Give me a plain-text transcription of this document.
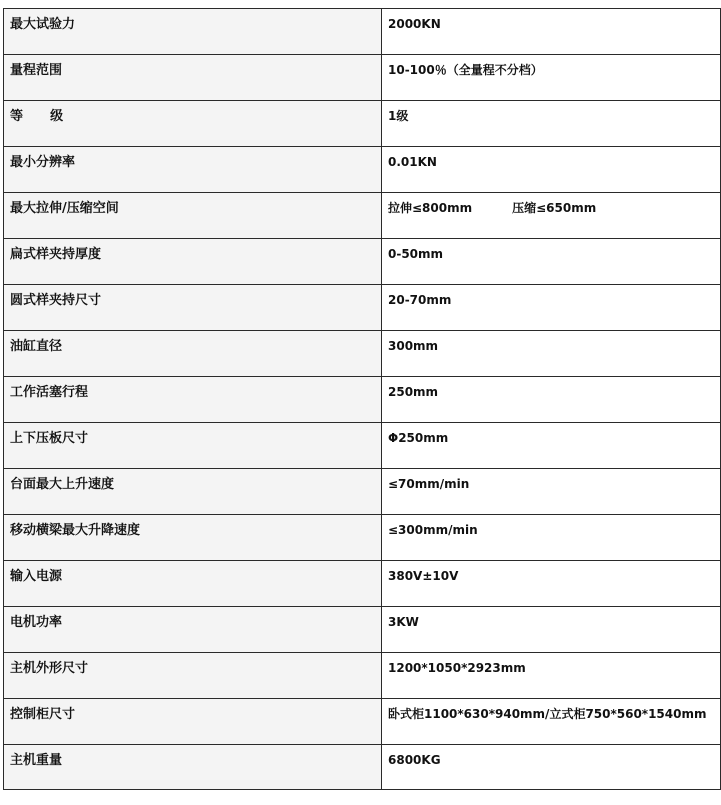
最大试验力	2000KN

量程范围	10-100％（全量程不分档）

等      级	1级

最小分辨率	0.01KN

最大拉伸/压缩空间	拉伸≤800mm 压缩≤650mm

扁式样夹持厚度	0-50mm

圆式样夹持尺寸	20-70mm

油缸直径	300mm

工作活塞行程	250mm

上下压板尺寸	Φ250mm

台面最大上升速度	≤70mm/min

移动横梁最大升降速度	≤300mm/min

输入电源	380V±10V

电机功率	3KW

主机外形尺寸	1200*1050*2923mm

控制柜尺寸	卧式柜1100*630*940mm/立式柜750*560*1540mm

主机重量	6800KG
